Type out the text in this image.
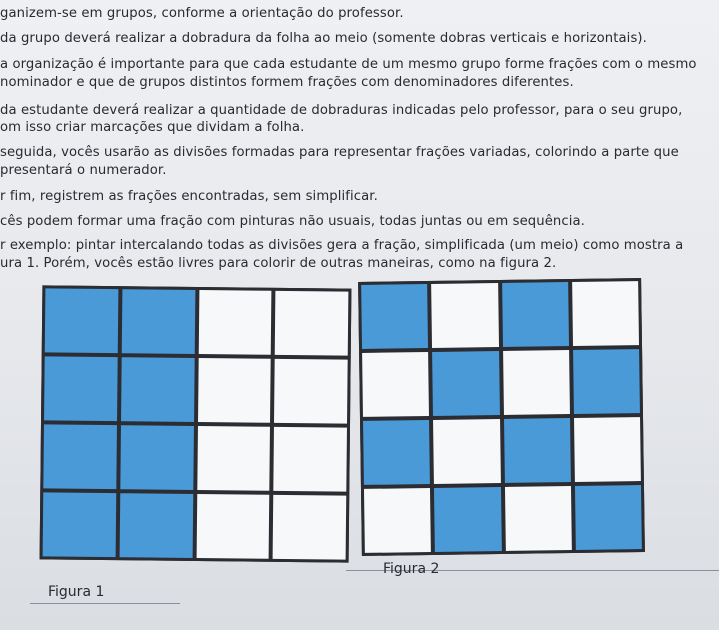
ganizem-se em grupos, conforme a orientação do professor.
da grupo deverá realizar a dobradura da folha ao meio (somente dobras verticais e horizontais).
a organização é importante para que cada estudante de um mesmo grupo forme frações com o mesmo
nominador e que de grupos distintos formem frações com denominadores diferentes.
da estudante deverá realizar a quantidade de dobraduras indicadas pelo professor, para o seu grupo,
om isso criar marcações que dividam a folha.
seguida, vocês usarão as divisões formadas para representar frações variadas, colorindo a parte que
presentará o numerador.
r fim, registrem as frações encontradas, sem simplificar.
cês podem formar uma fração com pinturas não usuais, todas juntas ou em sequência.
r exemplo: pintar intercalando todas as divisões gera a fração, simplificada (um meio) como mostra a
ura 1. Porém, vocês estão livres para colorir de outras maneiras, como na figura 2.
Figura 1
Figura 2
